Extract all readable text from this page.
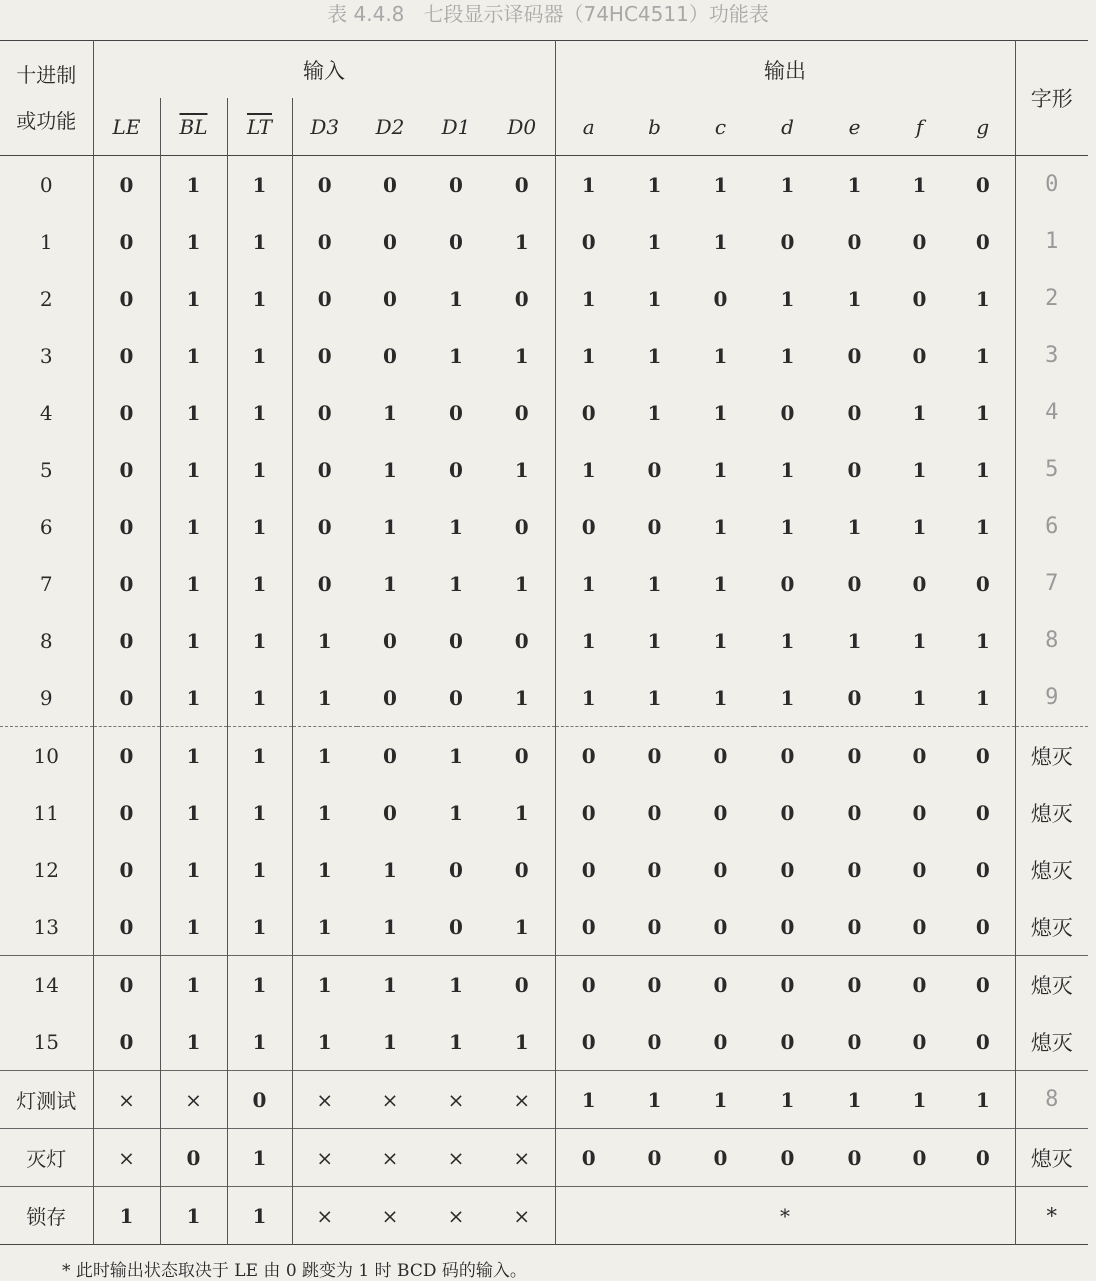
表 4.4.8   七段显示译码器（74HC4511）功能表
十进制
或功能	输入							输出							字形
	LE	$\overline{BL}$	$\overline{LT}$	D3	D2	D1	D0	a	b	c	d	e	f	g	
0	0	1	1	0	0	0	0	1	1	1	1	1	1	0	0
1	0	1	1	0	0	0	1	0	1	1	0	0	0	0	1
2	0	1	1	0	0	1	0	1	1	0	1	1	0	1	2
3	0	1	1	0	0	1	1	1	1	1	1	0	0	1	3
4	0	1	1	0	1	0	0	0	1	1	0	0	1	1	4
5	0	1	1	0	1	0	1	1	0	1	1	0	1	1	5
6	0	1	1	0	1	1	0	0	0	1	1	1	1	1	6
7	0	1	1	0	1	1	1	1	1	1	0	0	0	0	7
8	0	1	1	1	0	0	0	1	1	1	1	1	1	1	8
9	0	1	1	1	0	0	1	1	1	1	1	0	1	1	9
10	0	1	1	1	0	1	0	0	0	0	0	0	0	0	熄灭
11	0	1	1	1	0	1	1	0	0	0	0	0	0	0	熄灭
12	0	1	1	1	1	0	0	0	0	0	0	0	0	0	熄灭
13	0	1	1	1	1	0	1	0	0	0	0	0	0	0	熄灭
14	0	1	1	1	1	1	0	0	0	0	0	0	0	0	熄灭
15	0	1	1	1	1	1	1	0	0	0	0	0	0	0	熄灭
灯测试	×	×	0	×	×	×	×	1	1	1	1	1	1	1	8
灭灯	×	0	1	×	×	×	×	0	0	0	0	0	0	0	熄灭
锁存	1	1	1	×	×	×	×	*							*
* 此时输出状态取决于 LE 由 0 跳变为 1 时 BCD 码的输入。
